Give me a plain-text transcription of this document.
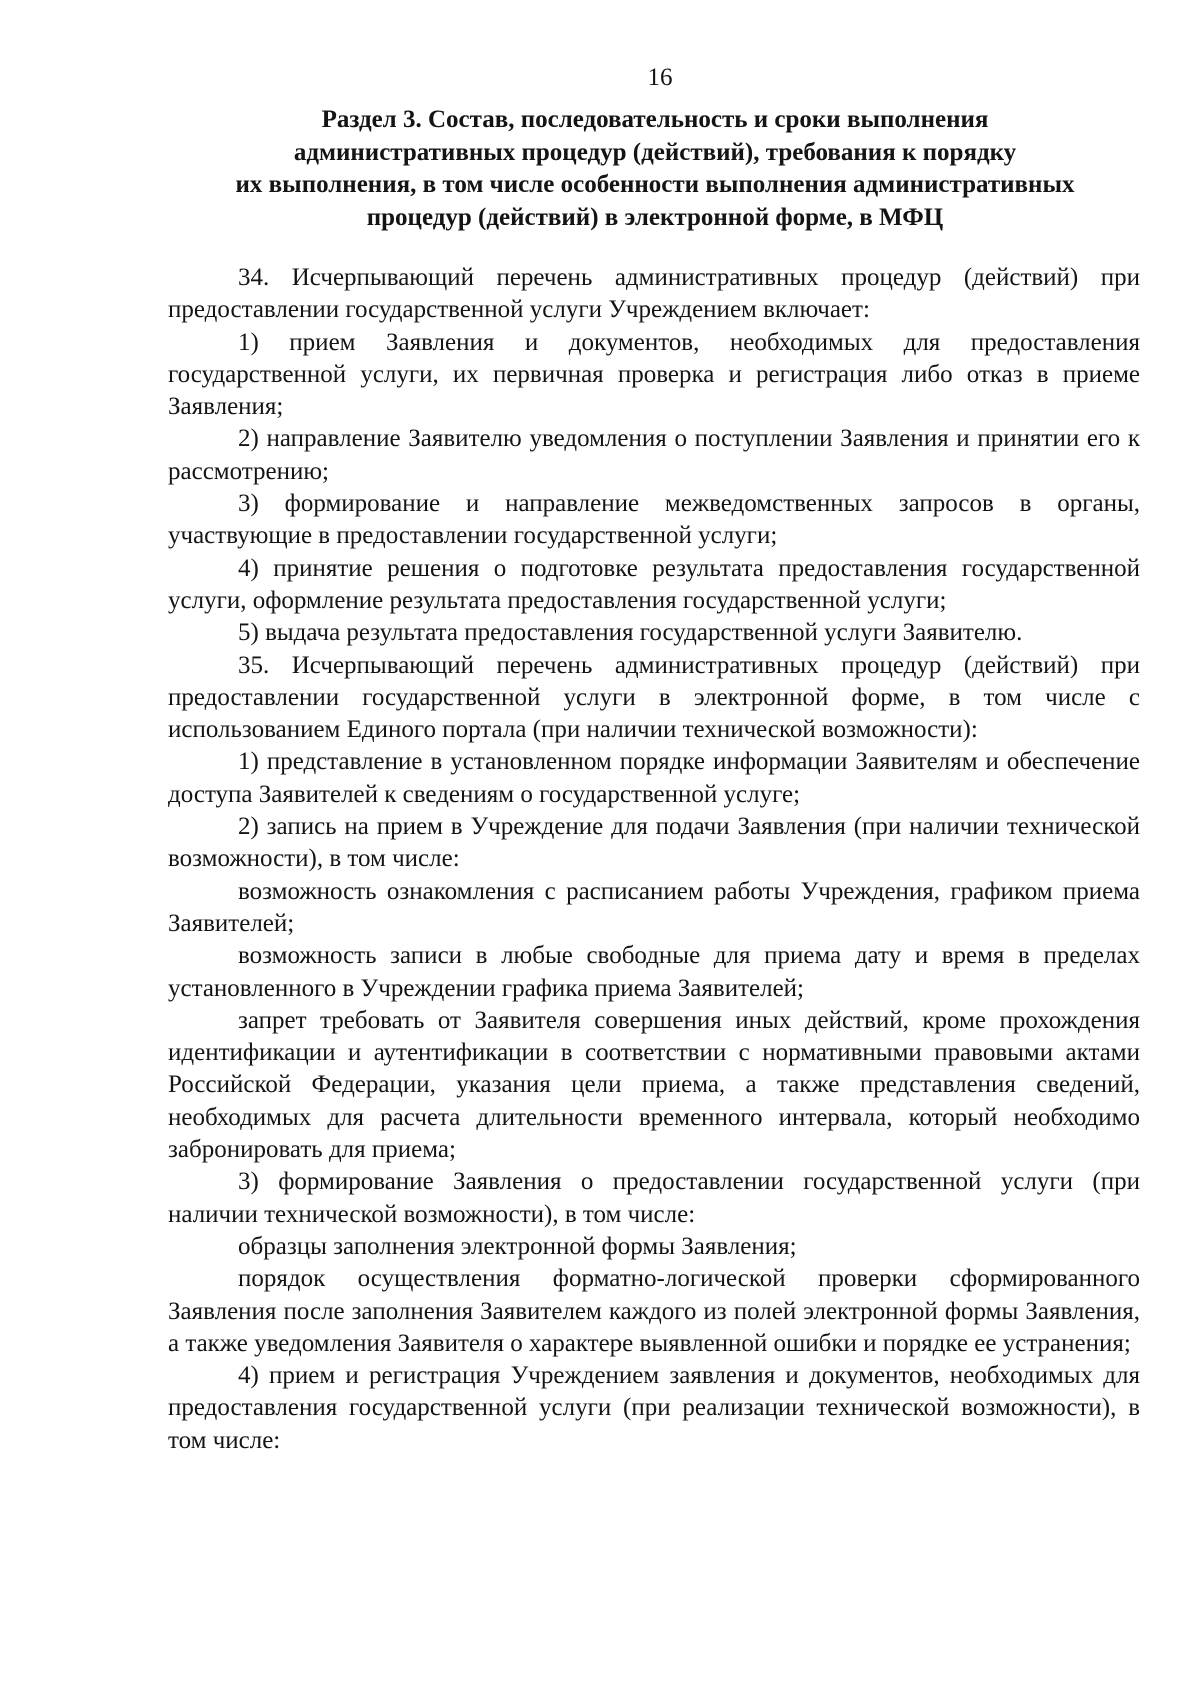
16
Раздел 3. Состав, последовательность и сроки выполнения
административных процедур (действий), требования к порядку
их выполнения, в том числе особенности выполнения административных
процедур (действий) в электронной форме, в МФЦ

34. Исчерпывающий перечень административных процедур (действий) при предоставлении государственной услуги Учреждением включает:

1) прием Заявления и документов, необходимых для предоставления государственной услуги, их первичная проверка и регистрация либо отказ в приеме Заявления;

2) направление Заявителю уведомления о поступлении Заявления и принятии его к рассмотрению;

3) формирование и направление межведомственных запросов в органы, участвующие в предоставлении государственной услуги;

4) принятие решения о подготовке результата предоставления государственной услуги, оформление результата предоставления государственной услуги;

5) выдача результата предоставления государственной услуги Заявителю.

35. Исчерпывающий перечень административных процедур (действий) при предоставлении государственной услуги в электронной форме, в том числе с использованием Единого портала (при наличии технической возможности):

1) представление в установленном порядке информации Заявителям и обеспечение доступа Заявителей к сведениям о государственной услуге;

2) запись на прием в Учреждение для подачи Заявления (при наличии технической возможности), в том числе:

возможность ознакомления с расписанием работы Учреждения, графиком приема Заявителей;

возможность записи в любые свободные для приема дату и время в пределах установленного в Учреждении графика приема Заявителей;

запрет требовать от Заявителя совершения иных действий, кроме прохождения идентификации и аутентификации в соответствии с нормативными правовыми актами Российской Федерации, указания цели приема, а также представления сведений, необходимых для расчета длительности временного интервала, который необходимо забронировать для приема;

3) формирование Заявления о предоставлении государственной услуги (при наличии технической возможности), в том числе:

образцы заполнения электронной формы Заявления;

порядок осуществления форматно-логической проверки сформированного Заявления после заполнения Заявителем каждого из полей электронной формы Заявления, а также уведомления Заявителя о характере выявленной ошибки и порядке ее устранения;

4) прием и регистрация Учреждением заявления и документов, необходимых для предоставления государственной услуги (при реализации технической возможности), в том числе:
